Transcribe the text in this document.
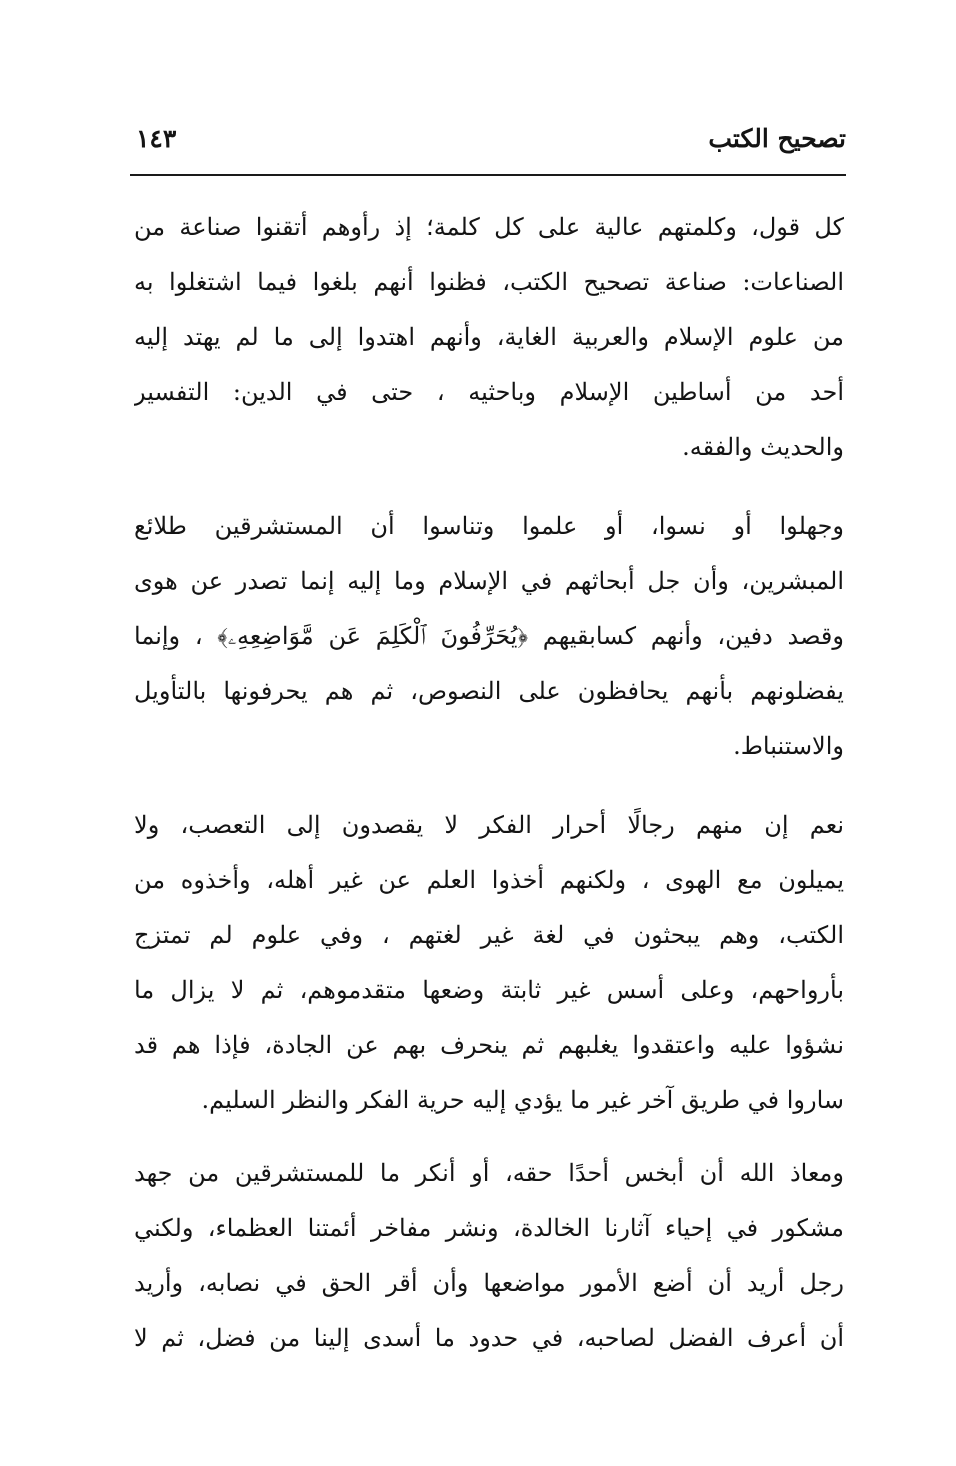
تصحيح الكتب
١٤٣
كل قول، وكلمتهم عالية على كل كلمة؛ إذ رأوهم أتقنوا صناعة من
الصناعات: صناعة تصحيح الكتب، فظنوا أنهم بلغوا فيما اشتغلوا به
من علوم الإسلام والعربية الغاية، وأنهم اهتدوا إلى ما لم يهتد إليه
أحد من أساطين الإسلام وباحثيه ، حتى في الدين: التفسير
والحديث والفقه.
وجهلوا أو نسوا، أو علموا وتناسوا أن المستشرقين طلائع
المبشرين، وأن جل أبحاثهم في الإسلام وما إليه إنما تصدر عن هوى
وقصد دفين، وأنهم كسابقيهم ﴿يُحَرِّفُونَ ٱلْكَلِمَ عَن مَّوَاضِعِهِۦ﴾ ، وإنما
يفضلونهم بأنهم يحافظون على النصوص، ثم هم يحرفونها بالتأويل
والاستنباط.
نعم إن منهم رجالًا أحرار الفكر لا يقصدون إلى التعصب، ولا
يميلون مع الهوى ، ولكنهم أخذوا العلم عن غير أهله، وأخذوه من
الكتب، وهم يبحثون في لغة غير لغتهم ، وفي علوم لم تمتزج
بأرواحهم، وعلى أسس غير ثابتة وضعها متقدموهم، ثم لا يزال ما
نشؤوا عليه واعتقدوا يغلبهم ثم ينحرف بهم عن الجادة، فإذا هم قد
ساروا في طريق آخر غير ما يؤدي إليه حرية الفكر والنظر السليم.
ومعاذ الله أن أبخس أحدًا حقه، أو أنكر ما للمستشرقين من جهد
مشكور في إحياء آثارنا الخالدة، ونشر مفاخر أئمتنا العظماء، ولكني
رجل أريد أن أضع الأمور مواضعها وأن أقر الحق في نصابه، وأريد
أن أعرف الفضل لصاحبه، في حدود ما أسدى إلينا من فضل، ثم لا
